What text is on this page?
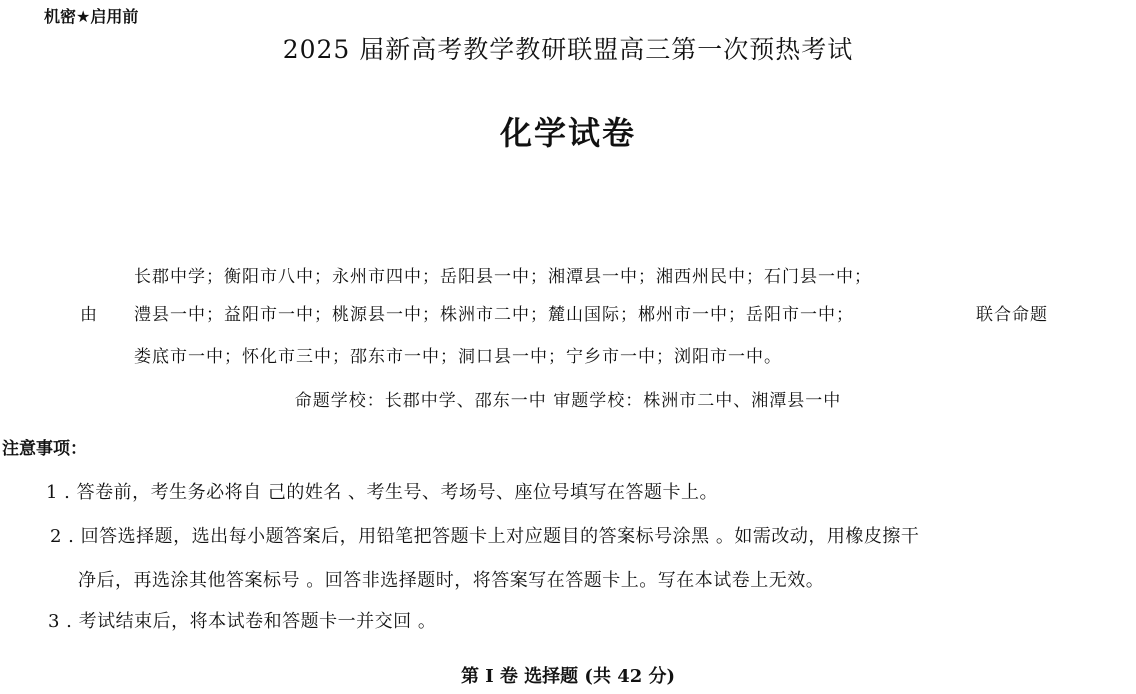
机密★启用前
2025 届新高考教学教研联盟高三第一次预热考试
化学试卷
长郡中学；衡阳市八中；永州市四中；岳阳县一中；湘潭县一中；湘西州民中；石门县一中；
由 澧县一中；益阳市一中；桃源县一中；株洲市二中；麓山国际；郴州市一中；岳阳市一中；	联合命题
娄底市一中；怀化市三中；邵东市一中；洞口县一中；宁乡市一中；浏阳市一中。
命题学校：长郡中学、邵东一中 审题学校：株洲市二中、湘潭县一中
注意事项：
1 . 答卷前，考生务必将自 己的姓名 、考生号、考场号、座位号填写在答题卡上。
2 . 回答选择题，选出每小题答案后，用铅笔把答题卡上对应题目的答案标号涂黑 。如需改动，用橡皮擦干
净后，再选涂其他答案标号 。回答非选择题时，将答案写在答题卡上。写在本试卷上无效。
3 . 考试结束后，将本试卷和答题卡一并交回 。
第 I 卷 选择题 (共 42 分)
